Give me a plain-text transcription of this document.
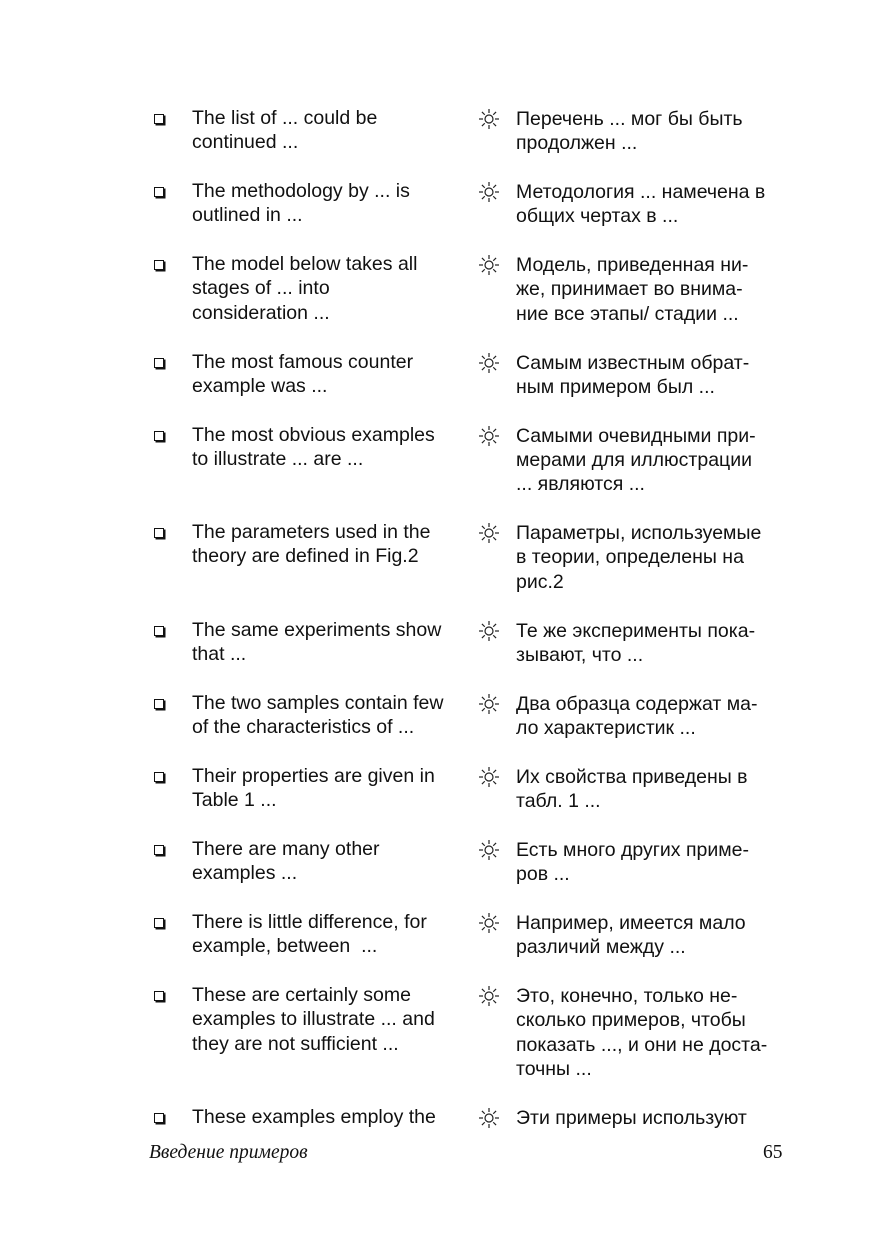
The list of ... could be
continued ...
Перечень ... мог бы быть
продолжен ...
The methodology by ... is
outlined in ...
Методология ... намечена в
общих чертах в ...
The model below takes all
stages of ... into
consideration ...
Модель, приведенная ни-
же, принимает во внима-
ние все этапы/ стадии ...
The most famous counter
example was ...
Самым известным обрат-
ным примером был ...
The most obvious examples
to illustrate ... are ...
Самыми очевидными при-
мерами для иллюстрации
... являются ...
The parameters used in the
theory are defined in Fig.2
Параметры, используемые
в теории, определены на
рис.2
The same experiments show
that ...
Те же эксперименты пока-
зывают, что ...
The two samples contain few
of the characteristics of ...
Два образца содержат ма-
ло характеристик ...
Their properties are given in
Table 1 ...
Их свойства приведены в
табл. 1 ...
There are many other
examples ...
Есть много других приме-
ров ...
There is little difference, for
example, between  ...
Например, имеется мало
различий между ...
These are certainly some
examples to illustrate ... and
they are not sufficient ...
Это, конечно, только не-
сколько примеров, чтобы
показать ..., и они не доста-
точны ...
These examples employ the	Эти примеры используют
Введение примеров	65
